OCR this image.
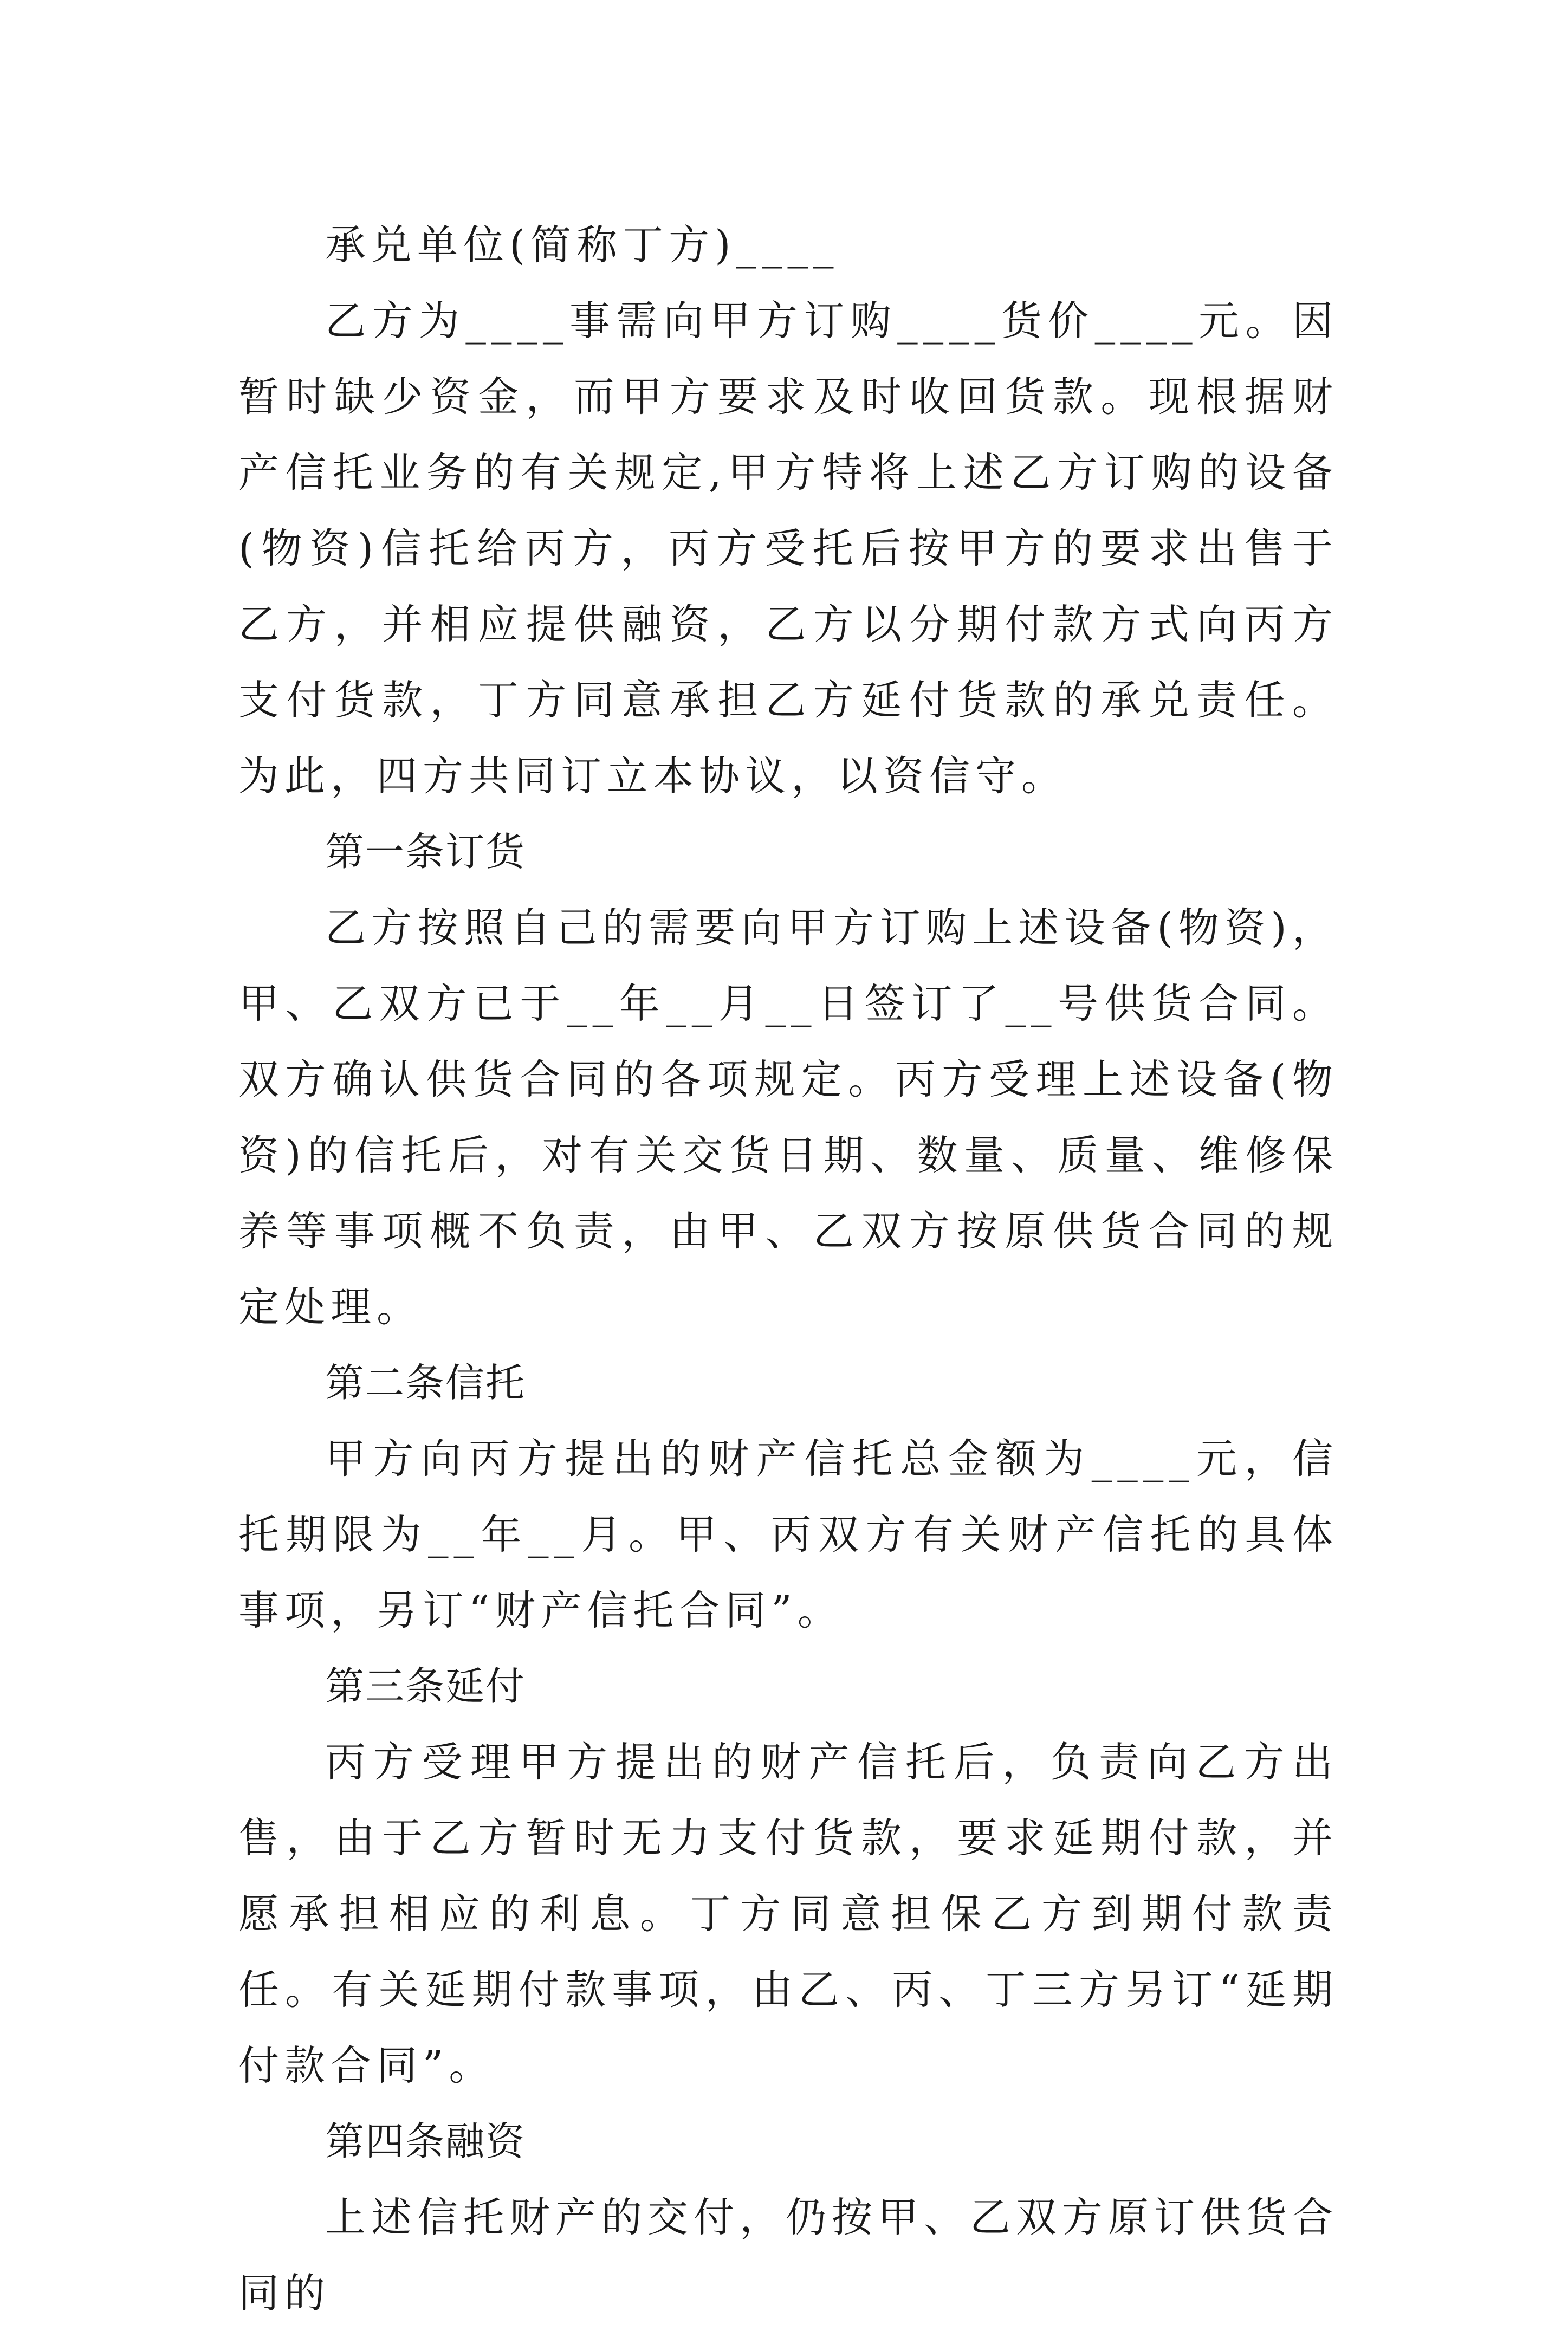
承兑单位(简称丁方)____

乙方为____事需向甲方订购____货价____元。因暂时缺少资金，而甲方要求及时收回货款。现根据财产信托业务的有关规定,甲方特将上述乙方订购的设备(物资)信托给丙方，丙方受托后按甲方的要求出售于乙方，并相应提供融资，乙方以分期付款方式向丙方支付货款，丁方同意承担乙方延付货款的承兑责任。为此，四方共同订立本协议，以资信守。

第一条订货

乙方按照自己的需要向甲方订购上述设备(物资)，甲、乙双方已于__年__月__日签订了__号供货合同。双方确认供货合同的各项规定。丙方受理上述设备(物资)的信托后，对有关交货日期、数量、质量、维修保养等事项概不负责，由甲、乙双方按原供货合同的规定处理。

第二条信托

甲方向丙方提出的财产信托总金额为____元，信托期限为__年__月。甲、丙双方有关财产信托的具体事项，另订“财产信托合同”。

第三条延付

丙方受理甲方提出的财产信托后，负责向乙方出售，由于乙方暂时无力支付货款，要求延期付款，并愿承担相应的利息。丁方同意担保乙方到期付款责任。有关延期付款事项，由乙、丙、丁三方另订“延期付款合同”。

第四条融资

上述信托财产的交付，仍按甲、乙双方原订供货合同的
